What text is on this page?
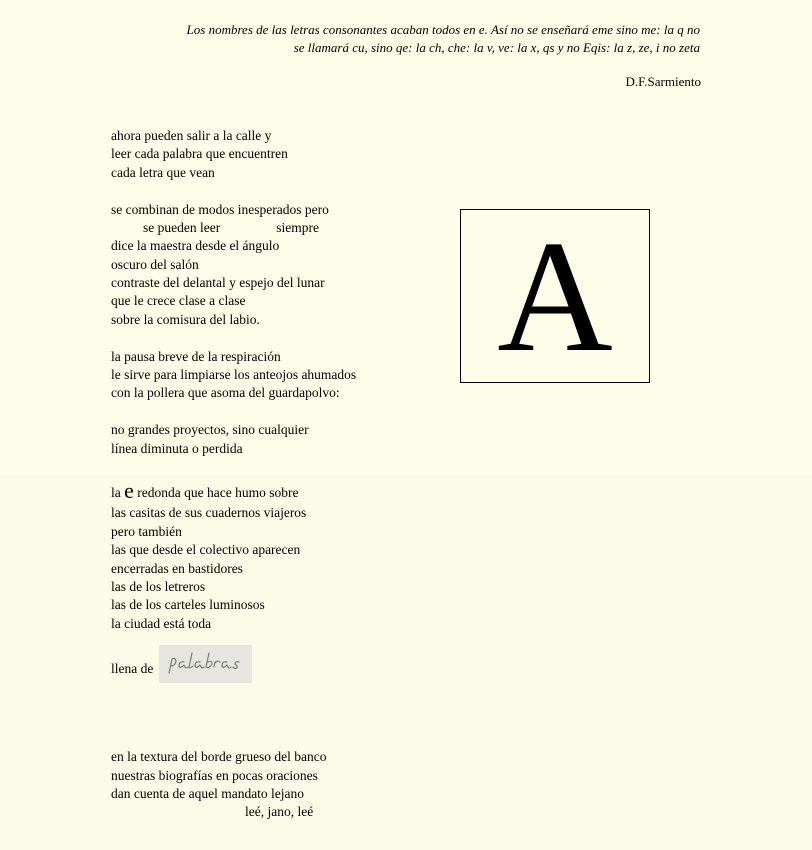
Los nombres de las letras consonantes acaban todos en e. Así no se enseñará eme sino me: la q no
se llamará cu, sino qe: la ch, che: la v, ve: la x, qs y no Eqis: la z, ze, i no zeta
D.F.Sarmiento
A
ahora pueden salir a la calle y
leer cada palabra que encuentren
cada letra que vean
se combinan de modos inesperados pero
se pueden leer	siempre
dice la maestra desde el ángulo
oscuro del salón
contraste del delantal y espejo del lunar
que le crece clase a clase
sobre la comisura del labio.
la pausa breve de la respiración
le sirve para limpiarse los anteojos ahumados
con la pollera que asoma del guardapolvo:
no grandes proyectos, sino cualquier
línea diminuta o perdida
la e redonda que hace humo sobre
las casitas de sus cuadernos viajeros
pero también
las que desde el colectivo aparecen
encerradas en bastidores
las de los letreros
las de los carteles luminosos
la ciudad está toda
llena de
en la textura del borde grueso del banco
nuestras biografías en pocas oraciones
dan cuenta de aquel mandato lejano
leé, jano, leé
